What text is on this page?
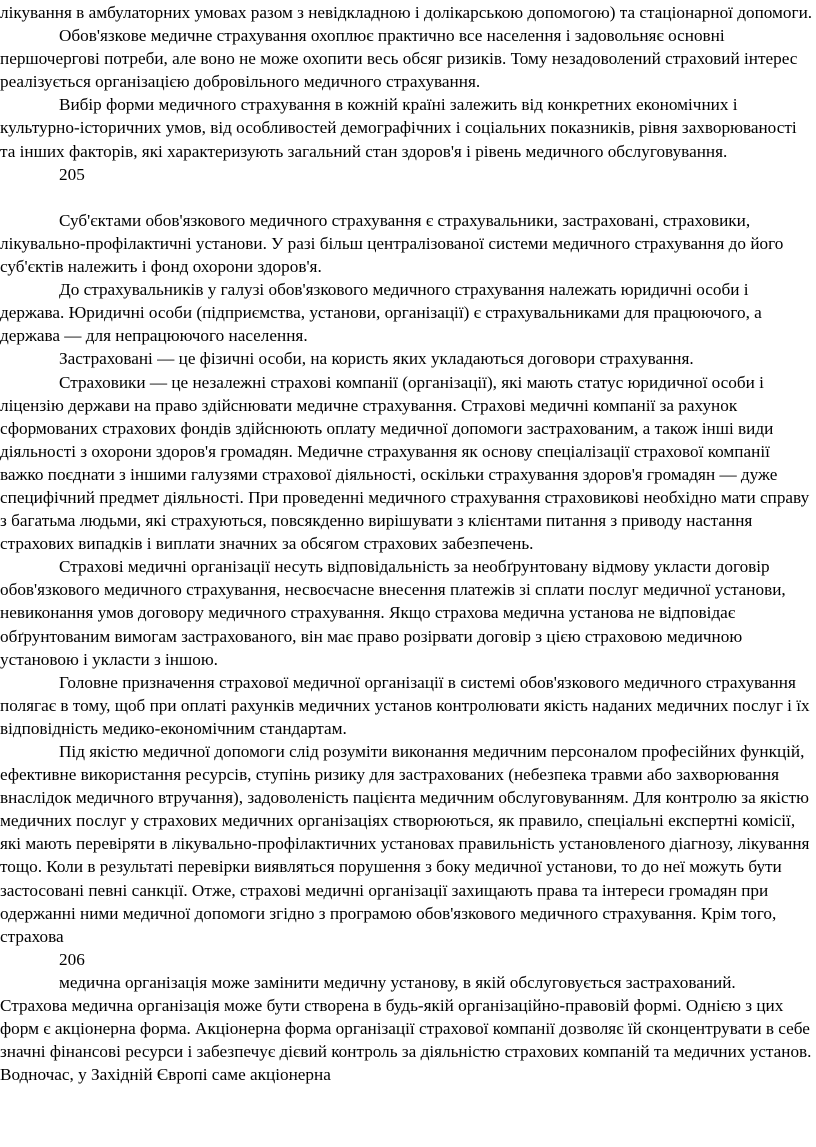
лікування в амбулаторних умовах разом з невідкладною і долікарською допомогою) та стаціонарної допомоги.

Обов'язкове медичне страхування охоплює практично все населення і задовольняє основні першочергові потреби, але воно не може охопити весь обсяг ризиків. Тому незадоволений страховий інтерес реалізується організацією добровільного медичного страхування.

Вибір форми медичного страхування в кожній країні залежить від конкретних економічних і культурно-історичних умов, від особливостей демографічних і соціальних показників, рівня захворюваності та інших факторів, які характеризують загальний стан здоров'я і рівень медичного обслуговування.

205

Суб'єктами обов'язкового медичного страхування є страхувальники, застраховані, страховики, лікувально-профілактичні установи. У разі більш централізованої системи медичного страхування до його суб'єктів належить і фонд охорони здоров'я.

До страхувальників у галузі обов'язкового медичного страхування належать юридичні особи і держава. Юридичні особи (підприємства, установи, організації) є страхувальниками для працюючого, а держава — для непрацюючого населення.

Застраховані — це фізичні особи, на користь яких укладаються договори страхування.

Страховики — це незалежні страхові компанії (організації), які мають статус юридичної особи і ліцензію держави на право здійснювати медичне страхування. Страхові медичні компанії за рахунок сформованих страхових фондів здійснюють оплату медичної допомоги застрахованим, а також інші види діяльності з охорони здоров'я громадян. Медичне страхування як основу спеціалізації страхової компанії важко поєднати з іншими галузями страхової діяльності, оскільки страхування здоров'я громадян — дуже специфічний предмет діяльності. При проведенні медичного страхування страховикові необхідно мати справу з багатьма людьми, які страхуються, повсякденно вирішувати з клієнтами питання з приводу настання страхових випадків і виплати значних за обсягом страхових забезпечень.

Страхові медичні організації несуть відповідальність за необґрунтовану відмову укласти договір обов'язкового медичного страхування, несвоєчасне внесення платежів зі сплати послуг медичної установи, невиконання умов договору медичного страхування. Якщо страхова медична установа не відповідає обґрунтованим вимогам застрахованого, він має право розірвати договір з цією страховою медичною установою і укласти з іншою.

Головне призначення страхової медичної організації в системі обов'язкового медичного страхування полягає в тому, щоб при оплаті рахунків медичних установ контролювати якість наданих медичних послуг і їх відповідність медико-економічним стандартам.

Під якістю медичної допомоги слід розуміти виконання медичним персоналом професійних функцій, ефективне використання ресурсів, ступінь ризику для застрахованих (небезпека травми або захворювання внаслідок медичного втручання), задоволеність пацієнта медичним обслуговуванням. Для контролю за якістю медичних послуг у страхових медичних організаціях створюються, як правило, спеціальні експертні комісії, які мають перевіряти в лікувально-профілактичних установах правильність установленого діагнозу, лікування тощо. Коли в результаті перевірки виявляться порушення з боку медичної установи, то до неї можуть бути застосовані певні санкції. Отже, страхові медичні організації захищають права та інтереси громадян при одержанні ними медичної допомоги згідно з програмою обов'язкового медичного страхування. Крім того, страхова

206

медична організація може замінити медичну установу, в якій обслуговується застрахований.

Страхова медична організація може бути створена в будь-якій організаційно-правовій формі. Однією з цих форм є акціонерна форма. Акціонерна форма організації страхової компанії дозволяє їй сконцентрувати в себе значні фінансові ресурси і забезпечує дієвий контроль за діяльністю страхових компаній та медичних установ. Водночас, у Західній Європі саме акціонерна
